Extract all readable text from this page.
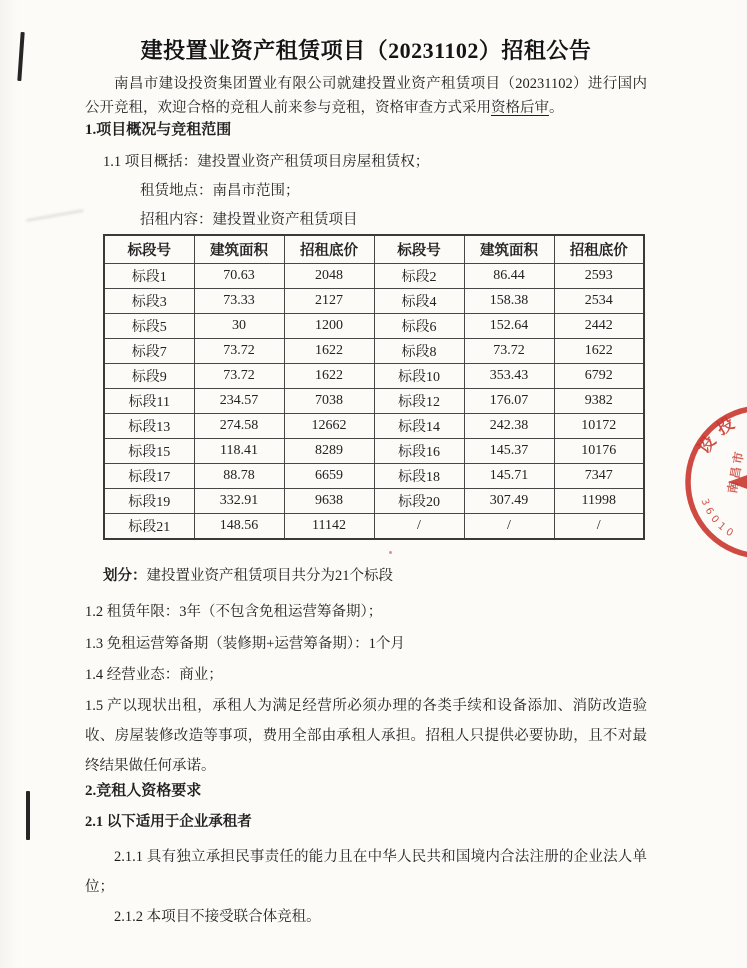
建投置业资产租赁项目（20231102）招租公告

南昌市建设投资集团置业有限公司就建投置业资产租赁项目（20231102）进行国内公开竞租，欢迎合格的竞租人前来参与竞租，资格审查方式采用资格后审。

1.项目概况与竞租范围

1.1 项目概括：建投置业资产租赁项目房屋租赁权；

租赁地点：南昌市范围；

招租内容：建投置业资产租赁项目

标段号	建筑面积	招租底价	标段号	建筑面积	招租底价
标段1	70.63	2048	标段2	86.44	2593
标段3	73.33	2127	标段4	158.38	2534
标段5	30	1200	标段6	152.64	2442
标段7	73.72	1622	标段8	73.72	1622
标段9	73.72	1622	标段10	353.43	6792
标段11	234.57	7038	标段12	176.07	9382
标段13	274.58	12662	标段14	242.38	10172
标段15	118.41	8289	标段16	145.37	10176
标段17	88.78	6659	标段18	145.71	7347
标段19	332.91	9638	标段20	307.49	11998
标段21	148.56	11142	/	/	/

划分：建投置业资产租赁项目共分为21个标段

1.2 租赁年限：3年（不包含免租运营筹备期）；

1.3 免租运营筹备期（装修期+运营筹备期）：1个月

1.4 经营业态：商业；

1.5 产以现状出租，承租人为满足经营所必须办理的各类手续和设备添加、消防改造验收、房屋装修改造等事项，费用全部由承租人承担。招租人只提供必要协助，且不对最终结果做任何承诺。

2.竞租人资格要求

2.1 以下适用于企业承租者

2.1.1 具有独立承担民事责任的能力且在中华人民共和国境内合法注册的企业法人单位；

2.1.2 本项目不接受联合体竞租。

设投
南昌市
36010
